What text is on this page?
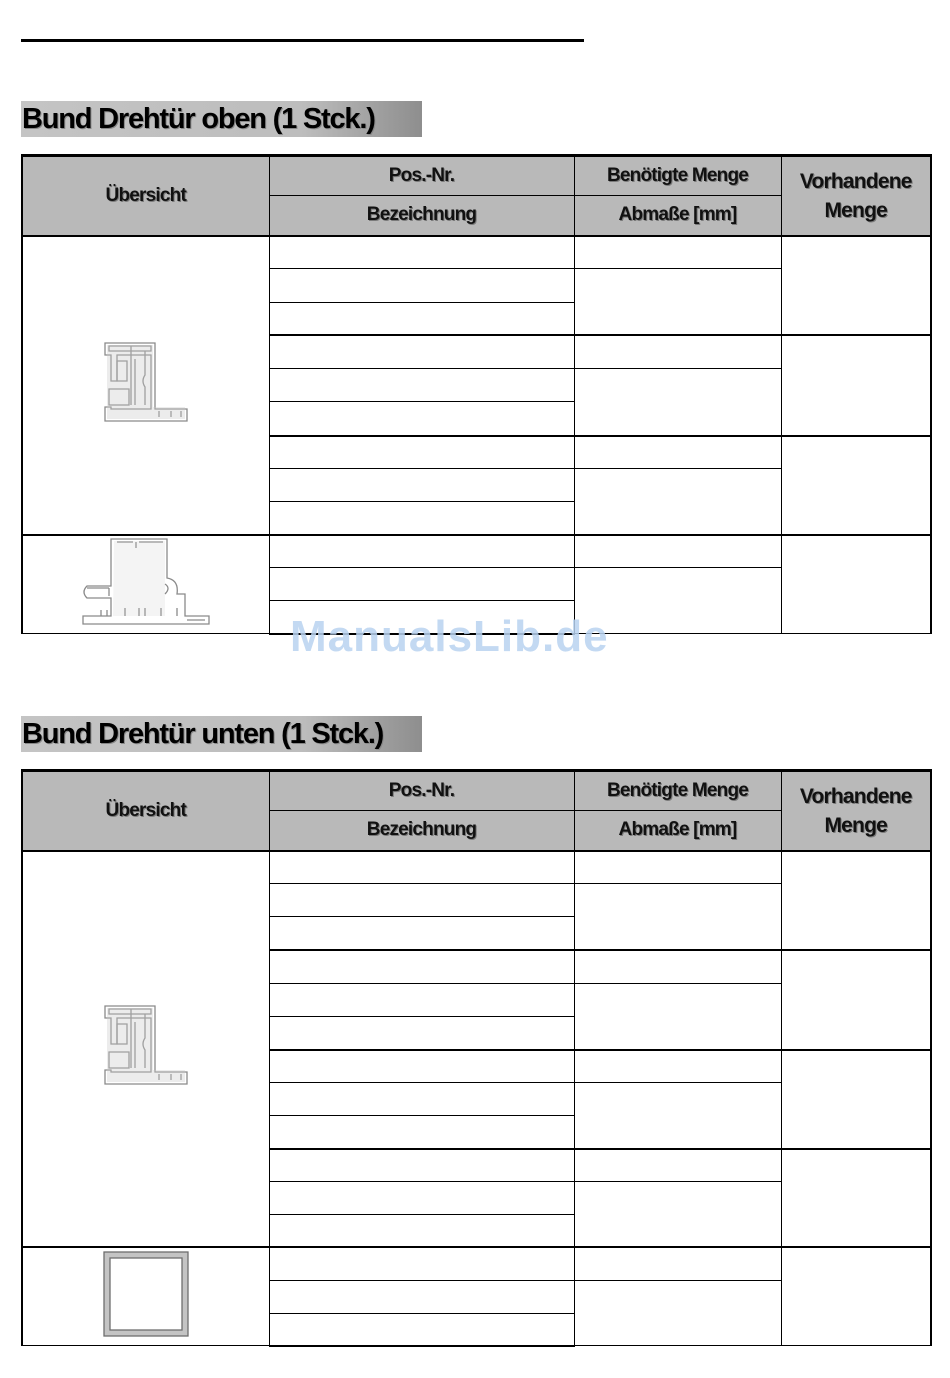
Bund Drehtür oben (1 Stck.)
Übersicht	Pos.-Nr.	Benötigte Menge	Vorhandene Menge
	Bezeichnung	Abmaße [mm]	

ManualsLib.de
Bund Drehtür unten (1 Stck.)
Übersicht	Pos.-Nr.	Benötigte Menge	Vorhandene Menge
	Bezeichnung	Abmaße [mm]	
